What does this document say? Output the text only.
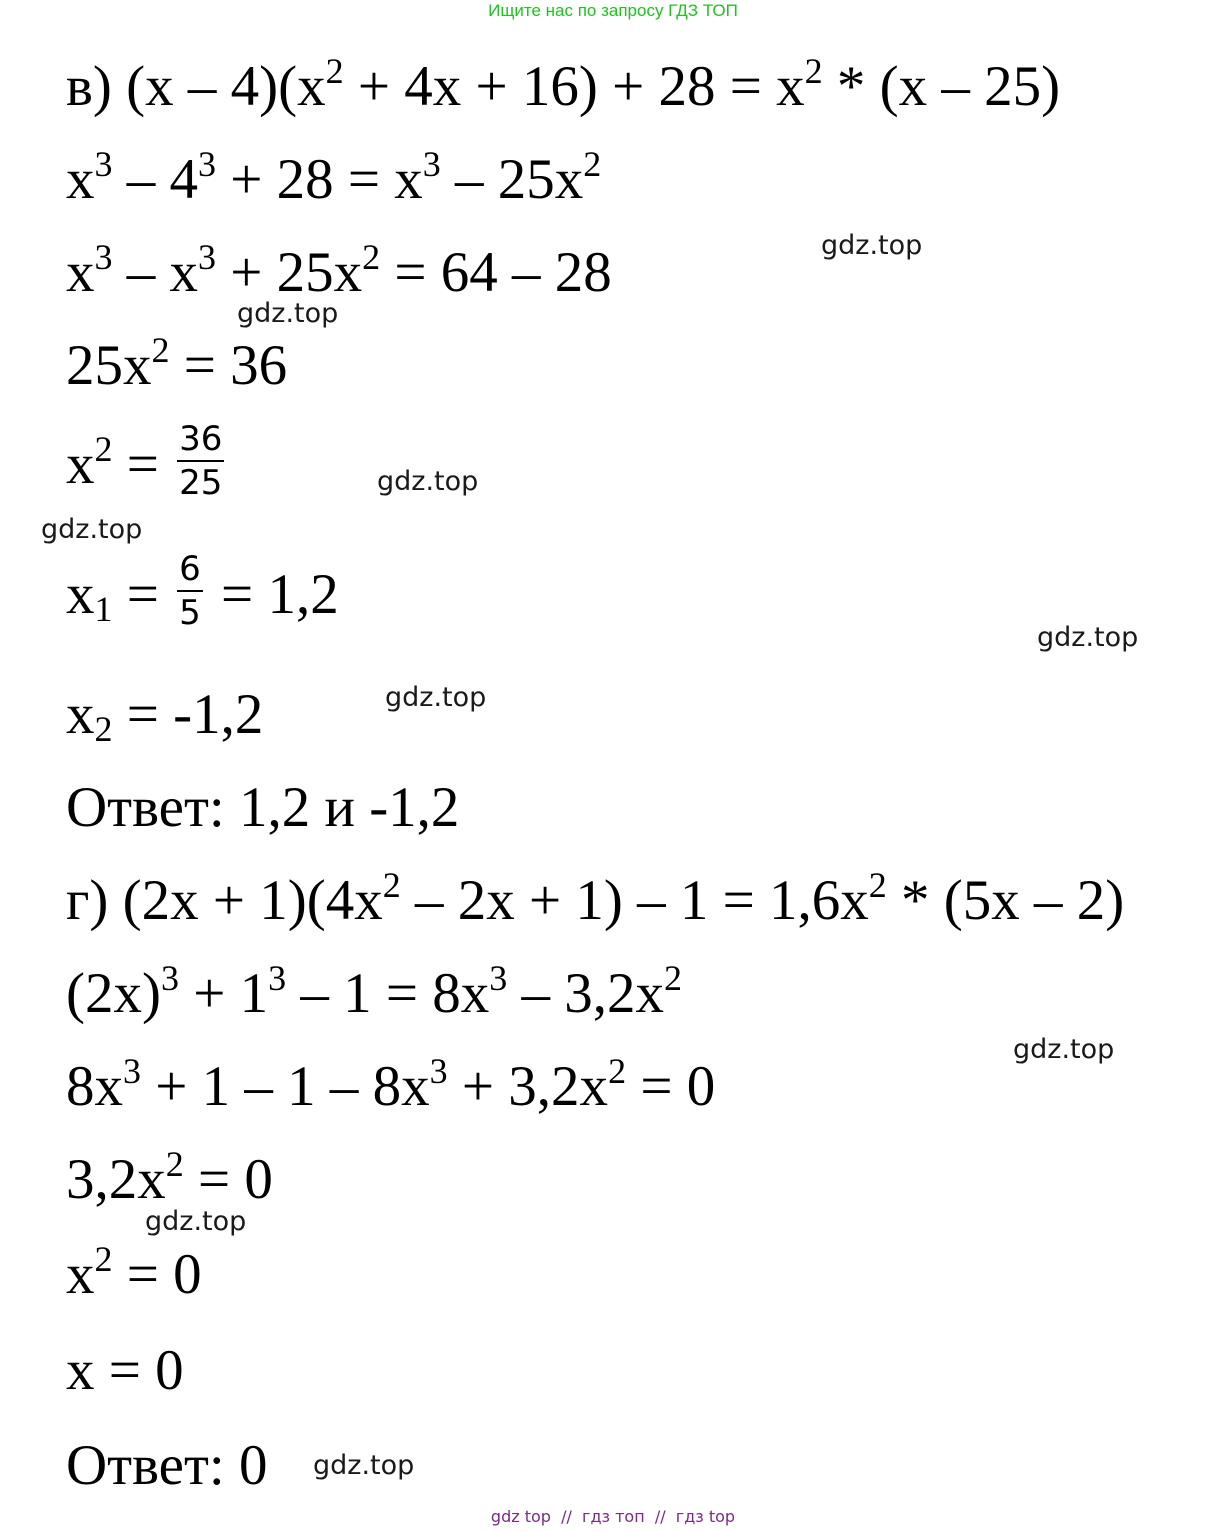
Ищите нас по запросу ГДЗ ТОП
в) $(x - 4)(x^2 + 4x + 16) + 28 = x^2 * (x - 25)$
$x^3 - 4^3 + 28 = x^3 - 25x^2$
$x^3 - x^3 + 25x^2 = 64 - 28$
$25x^2 = 36$
$x^2 = \frac{36}{25}$
$x_1 = \frac{6}{5} = 1,2$
$x_2 = -1,2$
Ответ: 1,2 и -1,2
г) $(2x + 1)(4x^2 - 2x + 1) - 1 = 1,6x^2 * (5x - 2)$
$(2x)^3 + 1^3 - 1 = 8x^3 - 3,2x^2$
$8x^3 + 1 - 1 - 8x^3 + 3,2x^2 = 0$
$3,2x^2 = 0$
$x^2 = 0$
x = 0
Ответ: 0
gdz.top
gdz.top
gdz.top
gdz.top
gdz.top
gdz.top
gdz.top
gdz.top
gdz.top
gdz top  //  гдз топ  //  гдз top
